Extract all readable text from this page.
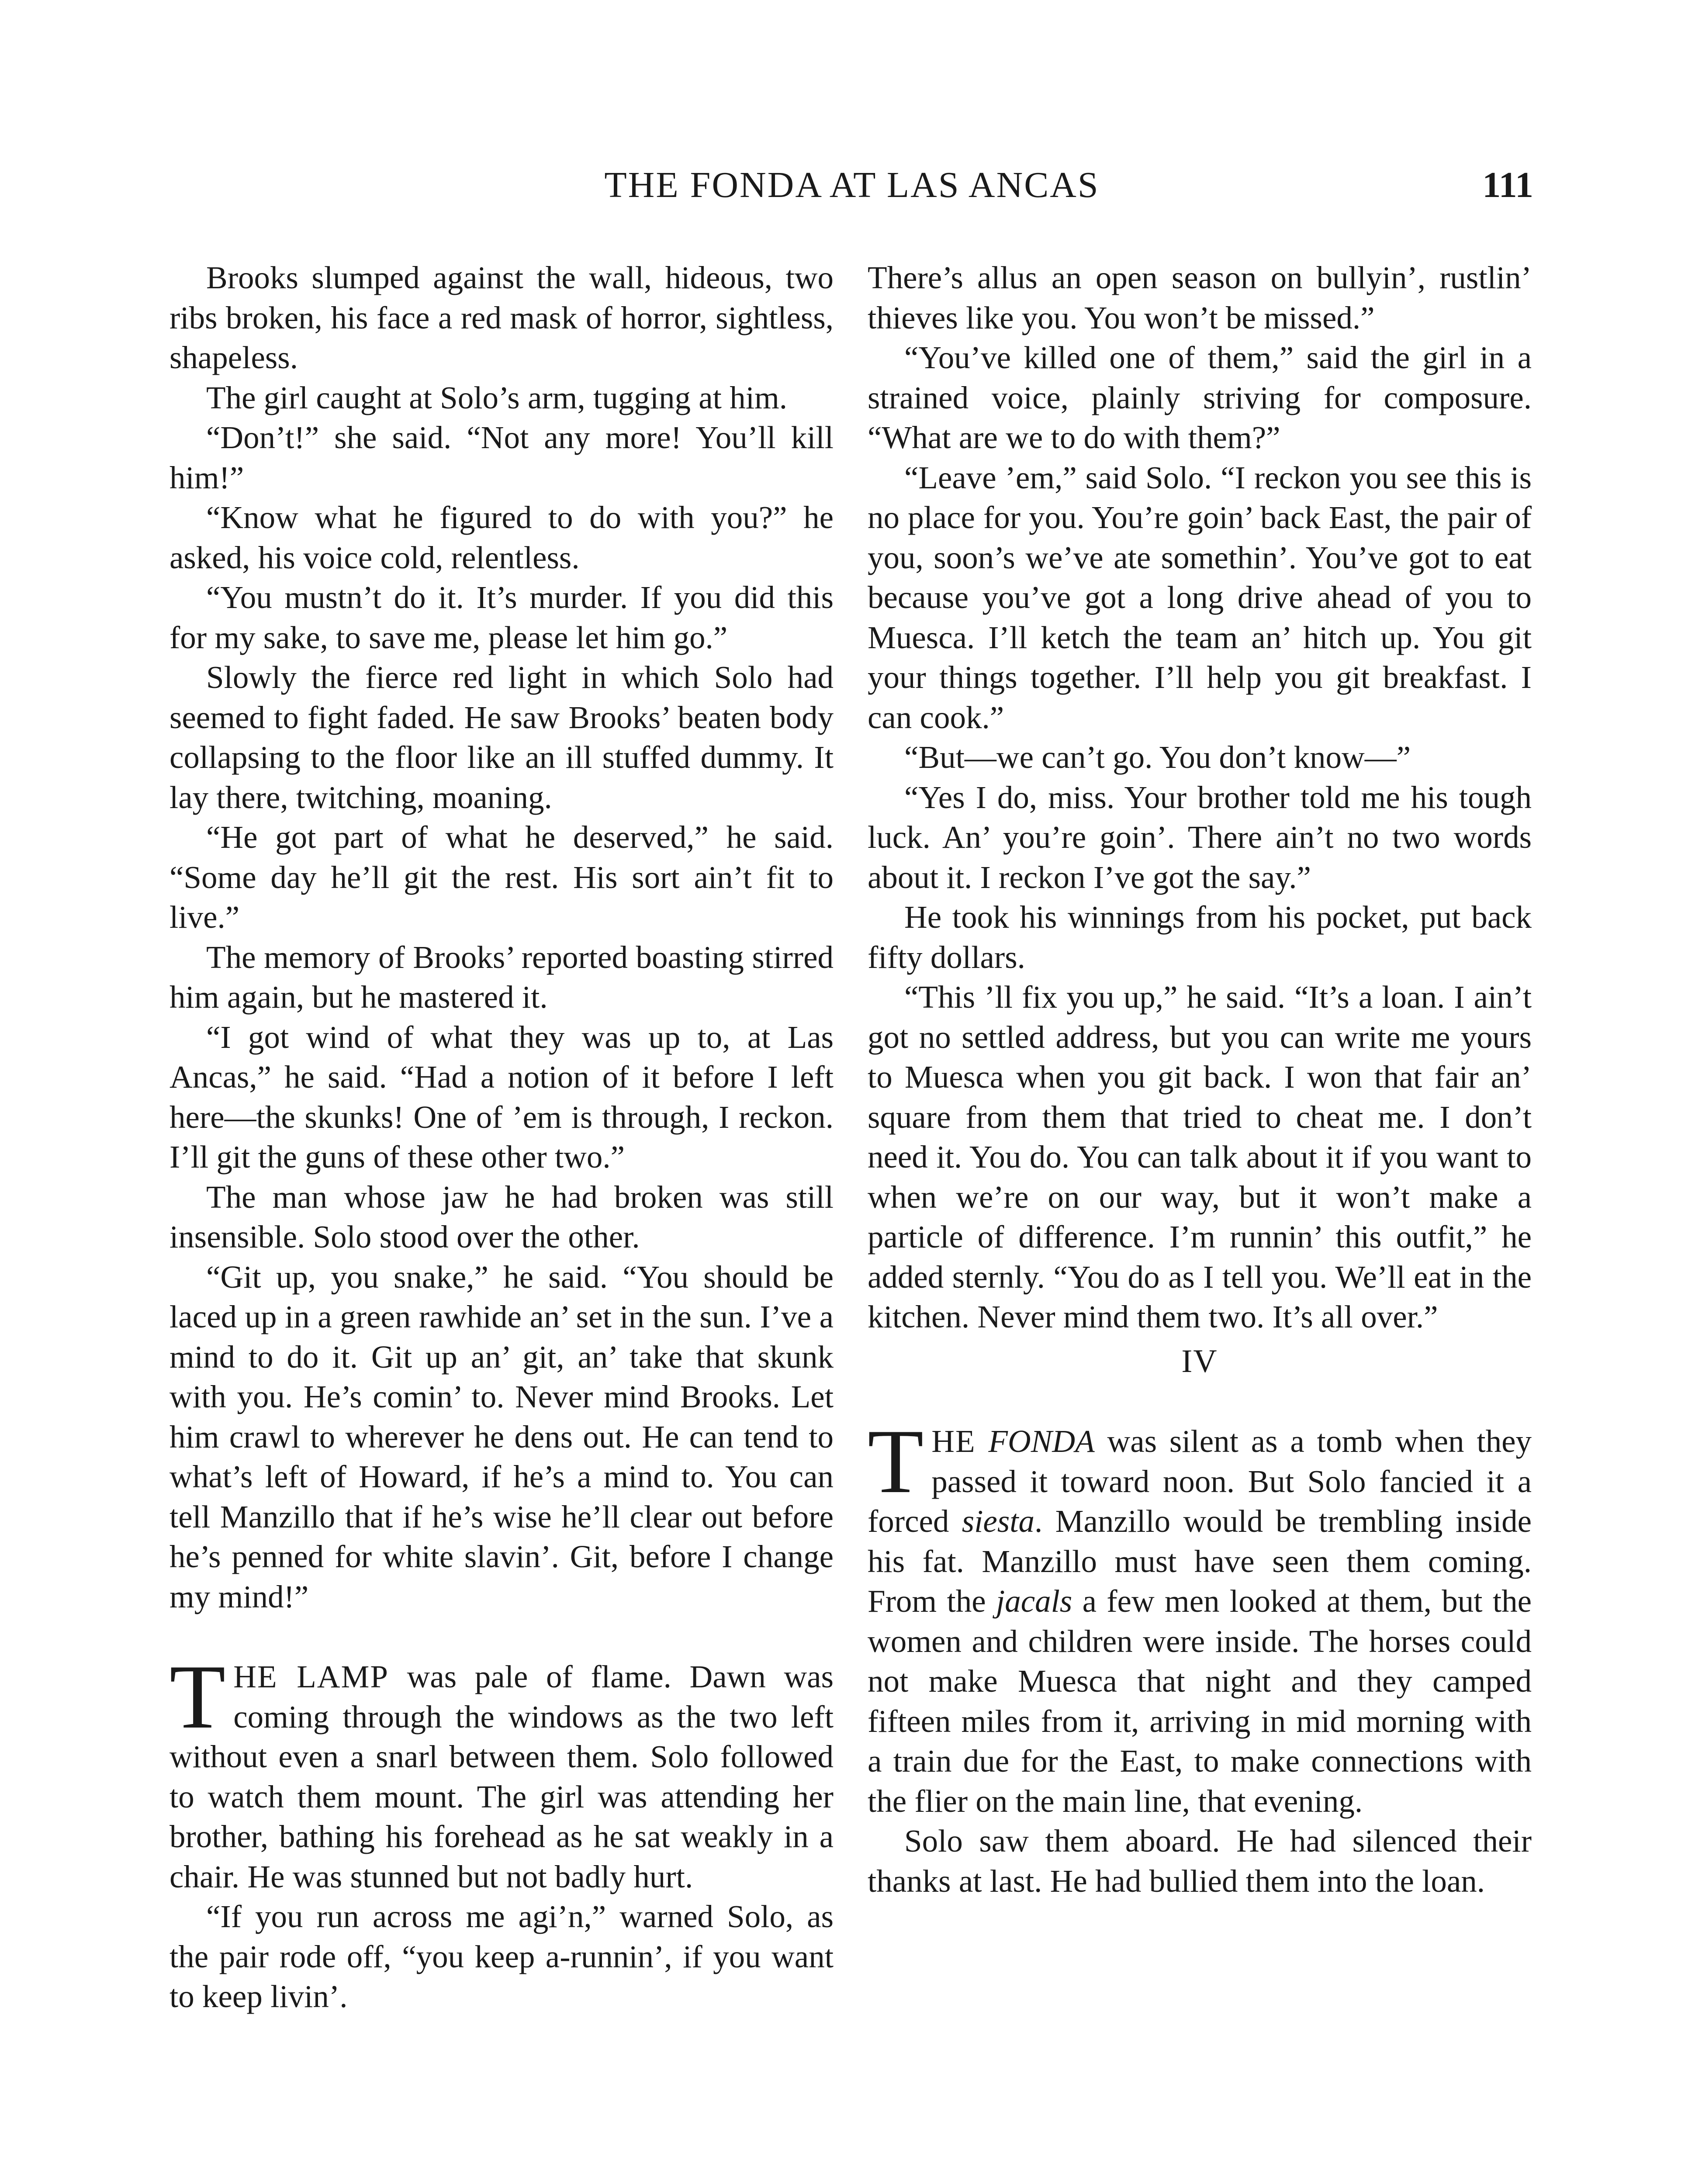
THE FONDA AT LAS ANCAS	111

Brooks slumped against the wall, hideous, two ribs broken, his face a red mask of horror, sightless, shapeless.

The girl caught at Solo’s arm, tugging at him.

“Don’t!” she said. “Not any more! You’ll kill him!”

“Know what he figured to do with you?” he asked, his voice cold, relentless.

“You mustn’t do it. It’s murder. If you did this for my sake, to save me, please let him go.”

Slowly the fierce red light in which Solo had seemed to fight faded. He saw Brooks’ beaten body collapsing to the floor like an ill stuffed dummy. It lay there, twitching, moaning.

“He got part of what he deserved,” he said. “Some day he’ll git the rest. His sort ain’t fit to live.”

The memory of Brooks’ reported boasting stirred him again, but he mastered it.

“I got wind of what they was up to, at Las Ancas,” he said. “Had a notion of it before I left here—the skunks! One of ’em is through, I reckon. I’ll git the guns of these other two.”

The man whose jaw he had broken was still insensible. Solo stood over the other.

“Git up, you snake,” he said. “You should be laced up in a green rawhide an’ set in the sun. I’ve a mind to do it. Git up an’ git, an’ take that skunk with you. He’s comin’ to. Never mind Brooks. Let him crawl to wherever he dens out. He can tend to what’s left of Howard, if he’s a mind to. You can tell Manzillo that if he’s wise he’ll clear out before he’s penned for white slavin’. Git, before I change my mind!”

THE LAMP was pale of flame. Dawn was coming through the windows as the two left without even a snarl between them. Solo followed to watch them mount. The girl was attending her brother, bathing his forehead as he sat weakly in a chair. He was stunned but not badly hurt.

“If you run across me agi’n,” warned Solo, as the pair rode off, “you keep a-runnin’, if you want to keep livin’.

There’s allus an open season on bullyin’, rustlin’ thieves like you. You won’t be missed.”

“You’ve killed one of them,” said the girl in a strained voice, plainly striving for composure. “What are we to do with them?”

“Leave ’em,” said Solo. “I reckon you see this is no place for you. You’re goin’ back East, the pair of you, soon’s we’ve ate somethin’. You’ve got to eat because you’ve got a long drive ahead of you to Muesca. I’ll ketch the team an’ hitch up. You git your things together. I’ll help you git breakfast. I can cook.”

“But—we can’t go. You don’t know—”

“Yes I do, miss. Your brother told me his tough luck. An’ you’re goin’. There ain’t no two words about it. I reckon I’ve got the say.”

He took his winnings from his pocket, put back fifty dollars.

“This ’ll fix you up,” he said. “It’s a loan. I ain’t got no settled address, but you can write me yours to Muesca when you git back. I won that fair an’ square from them that tried to cheat me. I don’t need it. You do. You can talk about it if you want to when we’re on our way, but it won’t make a particle of difference. I’m runnin’ this outfit,” he added sternly. “You do as I tell you. We’ll eat in the kitchen. Never mind them two. It’s all over.”

IV

THE FONDA was silent as a tomb when they passed it toward noon. But Solo fancied it a forced siesta. Manzillo would be trembling inside his fat. Manzillo must have seen them coming. From the jacals a few men looked at them, but the women and children were inside. The horses could not make Muesca that night and they camped fifteen miles from it, arriving in mid morning with a train due for the East, to make connections with the flier on the main line, that evening.

Solo saw them aboard. He had silenced their thanks at last. He had bullied them into the loan.
